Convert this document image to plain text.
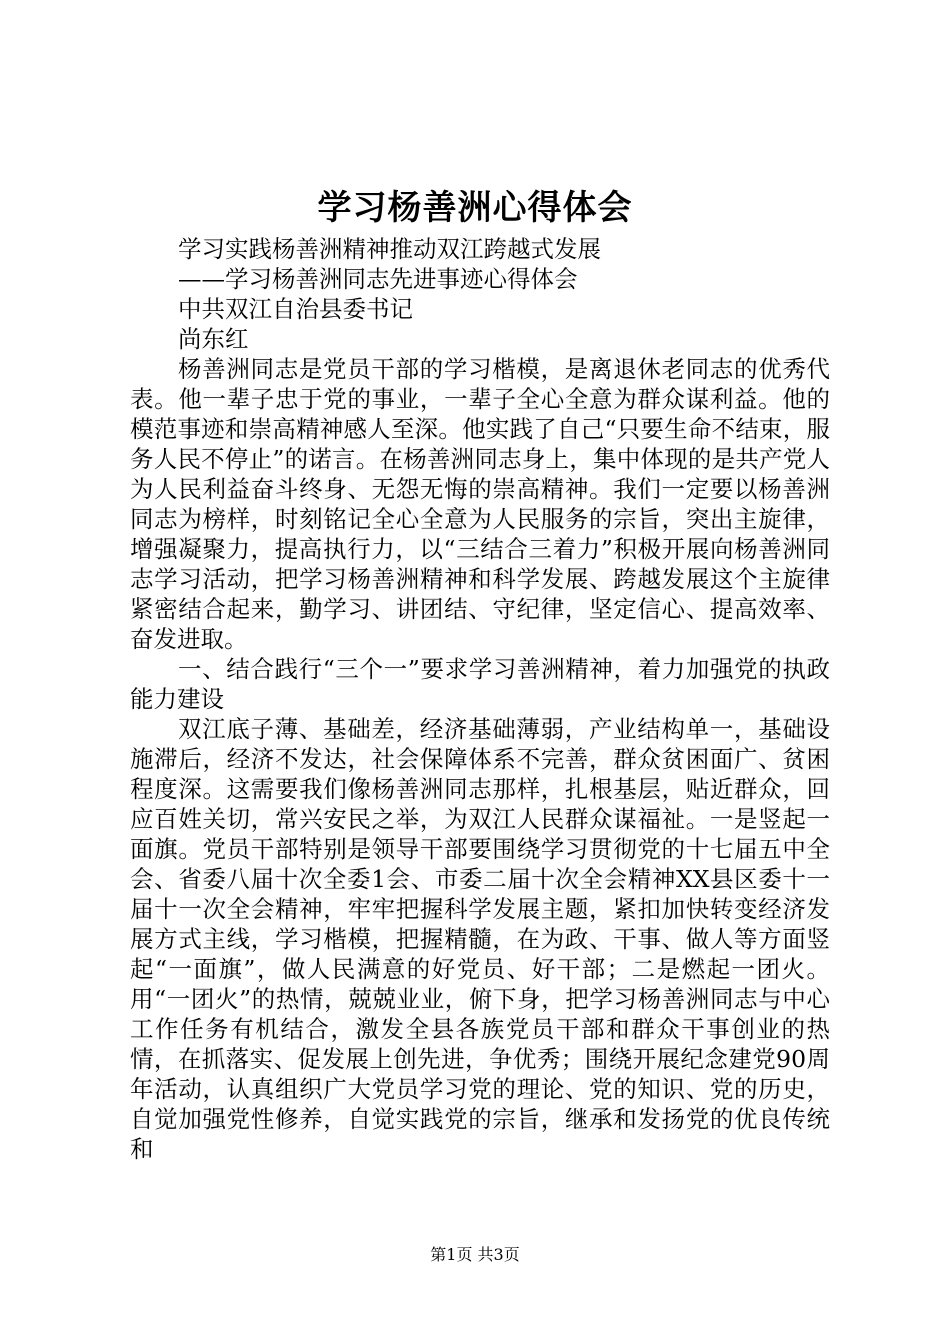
学习杨善洲心得体会

学习实践杨善洲精神推动双江跨越式发展

——学习杨善洲同志先进事迹心得体会

中共双江自治县委书记

尚东红

杨善洲同志是党员干部的学习楷模，是离退休老同志的优秀代表。他一辈子忠于党的事业，一辈子全心全意为群众谋利益。他的模范事迹和崇高精神感人至深。他实践了自己“只要生命不结束，服务人民不停止”的诺言。在杨善洲同志身上，集中体现的是共产党人为人民利益奋斗终身、无怨无悔的崇高精神。我们一定要以杨善洲同志为榜样，时刻铭记全心全意为人民服务的宗旨，突出主旋律，增强凝聚力，提高执行力，以“三结合三着力”积极开展向杨善洲同志学习活动，把学习杨善洲精神和科学发展、跨越发展这个主旋律紧密结合起来，勤学习、讲团结、守纪律，坚定信心、提高效率、奋发进取。

一、结合践行“三个一”要求学习善洲精神，着力加强党的执政能力建设

双江底子薄、基础差，经济基础薄弱，产业结构单一，基础设施滞后，经济不发达，社会保障体系不完善，群众贫困面广、贫困程度深。这需要我们像杨善洲同志那样，扎根基层，贴近群众，回应百姓关切，常兴安民之举，为双江人民群众谋福祉。一是竖起一面旗。党员干部特别是领导干部要围绕学习贯彻党的十七届五中全会、省委八届十次全委1会、市委二届十次全会精神XX县区委十一届十一次全会精神，牢牢把握科学发展主题，紧扣加快转变经济发展方式主线，学习楷模，把握精髓，在为政、干事、做人等方面竖起“一面旗”，做人民满意的好党员、好干部；二是燃起一团火。用“一团火”的热情，兢兢业业，俯下身，把学习杨善洲同志与中心工作任务有机结合，激发全县各族党员干部和群众干事创业的热情，在抓落实、促发展上创先进，争优秀；围绕开展纪念建党90周年活动，认真组织广大党员学习党的理论、党的知识、党的历史，自觉加强党性修养，自觉实践党的宗旨，继承和发扬党的优良传统和

第1页 共3页
